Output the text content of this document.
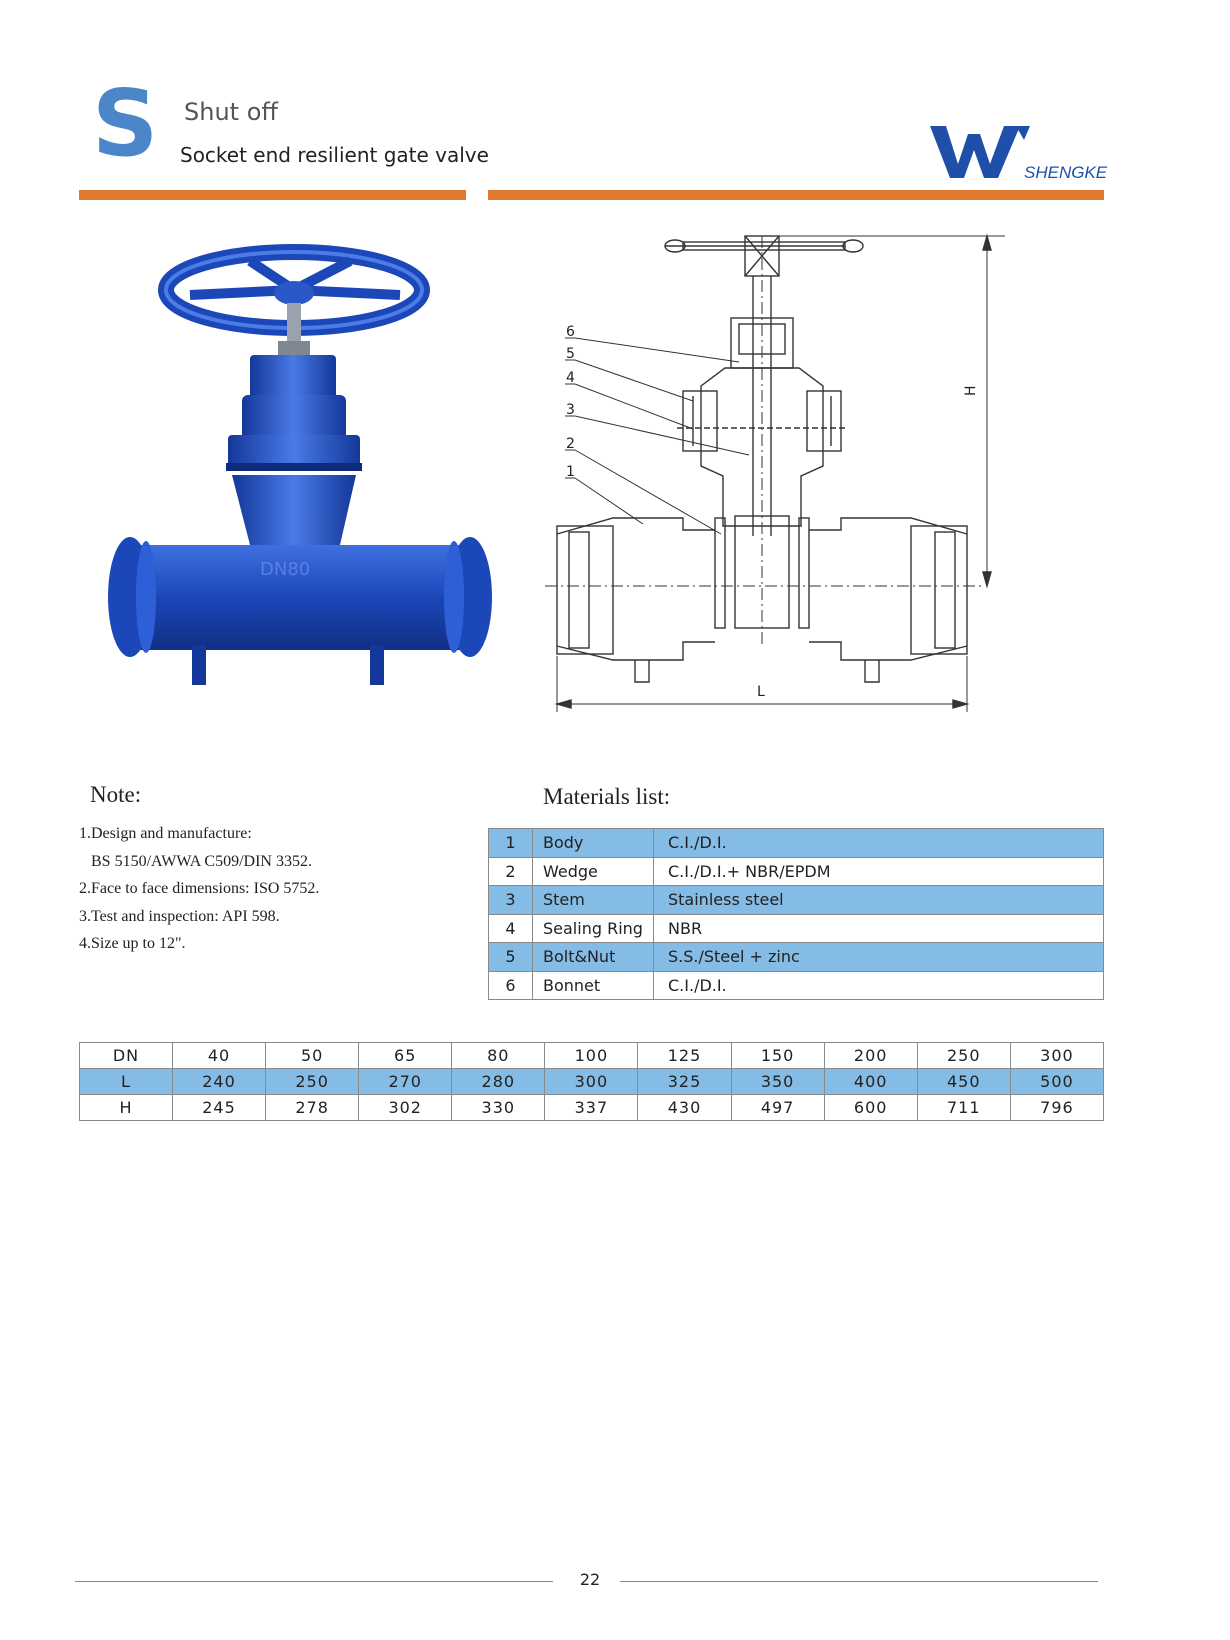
S Shut off
Socket end resilient gate valve
SHENGKE
DN80
H
L
6
5
4
3
2
1
Note:
1.Design and manufacture:
BS 5150/AWWA C509/DIN 3352.
2.Face to face dimensions: ISO 5752.
3.Test and inspection: API 598.
4.Size up to 12".
Materials list:
1	Body	C.I./D.I.
2	Wedge	C.I./D.I.+ NBR/EPDM
3	Stem	Stainless steel
4	Sealing Ring	NBR
5	Bolt&Nut	S.S./Steel + zinc
6	Bonnet	C.I./D.I.
DN	40	50	65	80	100	125	150	200	250	300
L	240	250	270	280	300	325	350	400	450	500
H	245	278	302	330	337	430	497	600	711	796
22
